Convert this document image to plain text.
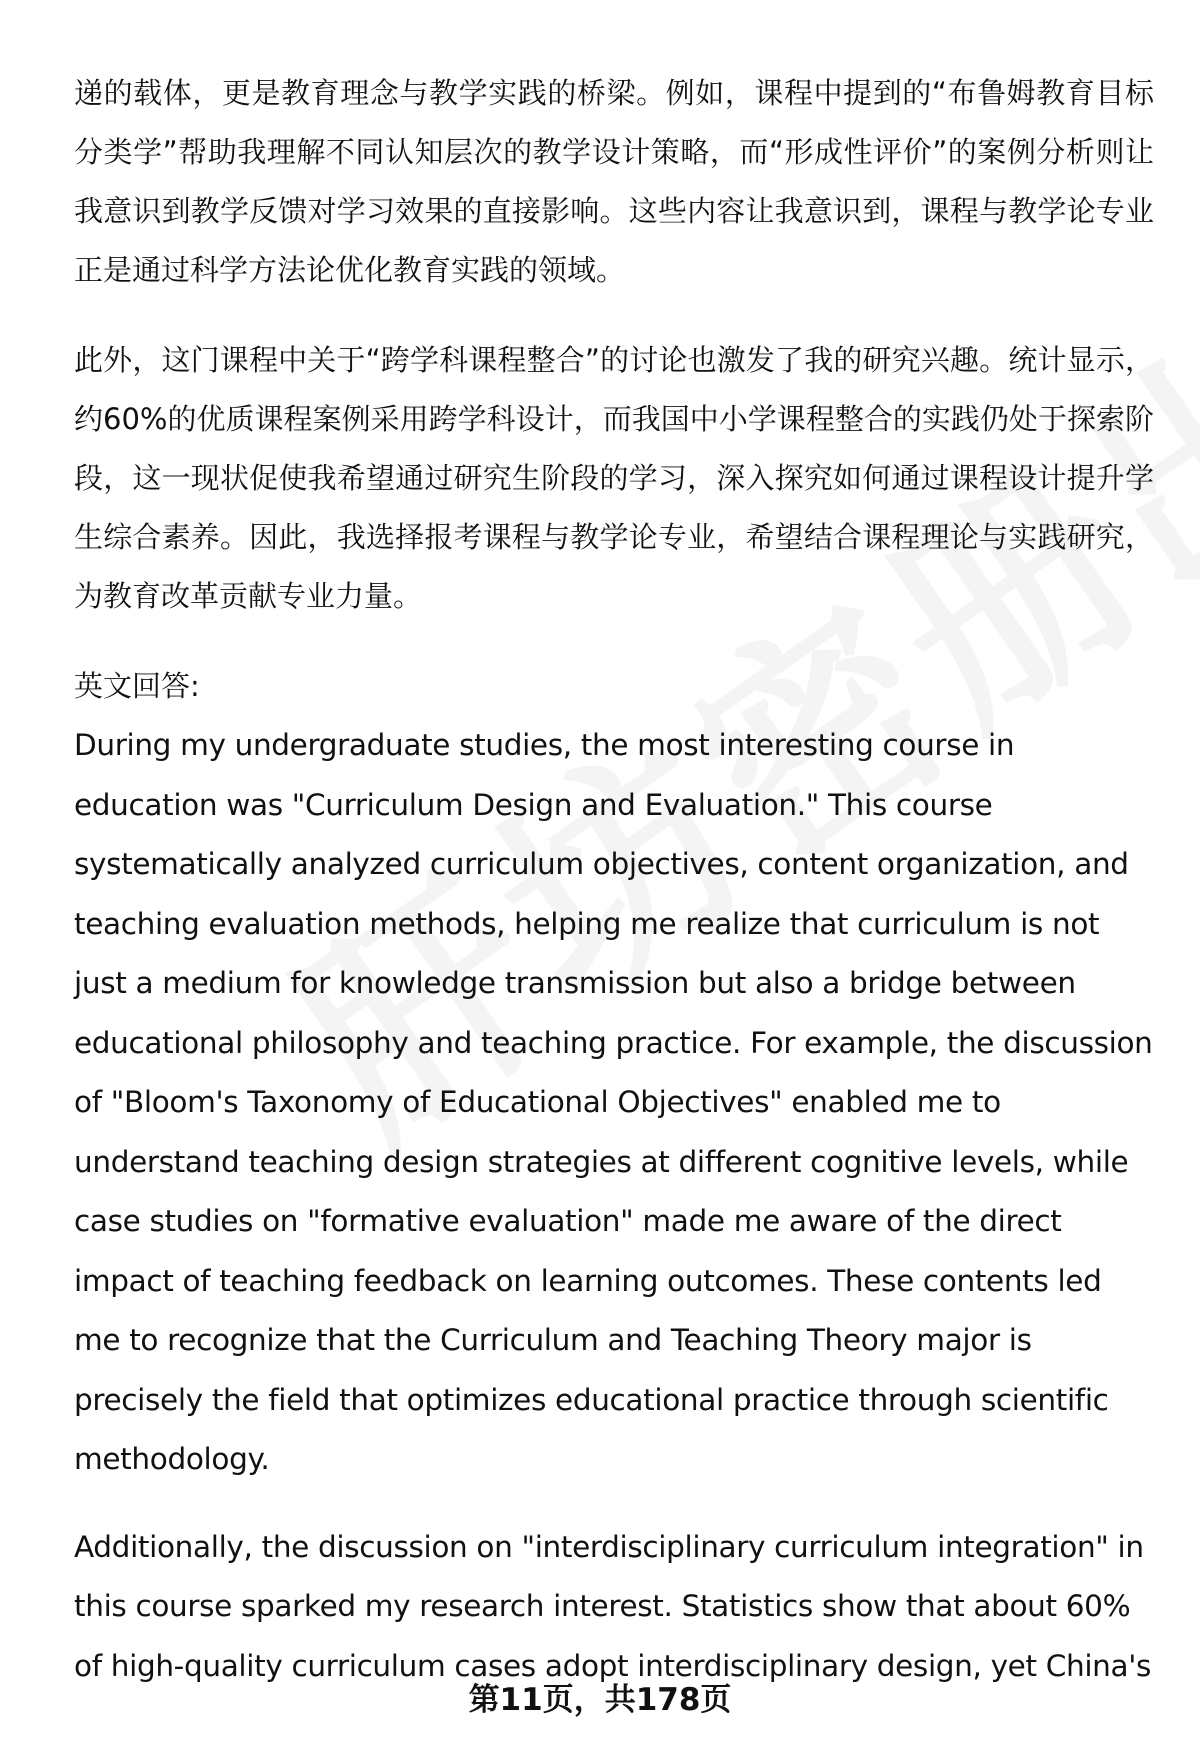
递的载体，更是教育理念与教学实践的桥梁。例如，课程中提到的“布鲁姆教育目标分类学”帮助我理解不同认知层次的教学设计策略，而“形成性评价”的案例分析则让我意识到教学反馈对学习效果的直接影响。这些内容让我意识到，课程与教学论专业正是通过科学方法论优化教育实践的领域。

此外，这门课程中关于“跨学科课程整合”的讨论也激发了我的研究兴趣。统计显示，约60%的优质课程案例采用跨学科设计，而我国中小学课程整合的实践仍处于探索阶段，这一现状促使我希望通过研究生阶段的学习，深入探究如何通过课程设计提升学生综合素养。因此，我选择报考课程与教学论专业，希望结合课程理论与实践研究，为教育改革贡献专业力量。

英文回答:

During my undergraduate studies, the most interesting course in education was "Curriculum Design and Evaluation." This course systematically analyzed curriculum objectives, content organization, and teaching evaluation methods, helping me realize that curriculum is not just a medium for knowledge transmission but also a bridge between educational philosophy and teaching practice. For example, the discussion of "Bloom's Taxonomy of Educational Objectives" enabled me to understand teaching design strategies at different cognitive levels, while case studies on "formative evaluation" made me aware of the direct impact of teaching feedback on learning outcomes. These contents led me to recognize that the Curriculum and Teaching Theory major is precisely the field that optimizes educational practice through scientific methodology.

Additionally, the discussion on "interdisciplinary curriculum integration" in this course sparked my research interest. Statistics show that about 60% of high-quality curriculum cases adopt interdisciplinary design, yet China's

第11页，共178页
